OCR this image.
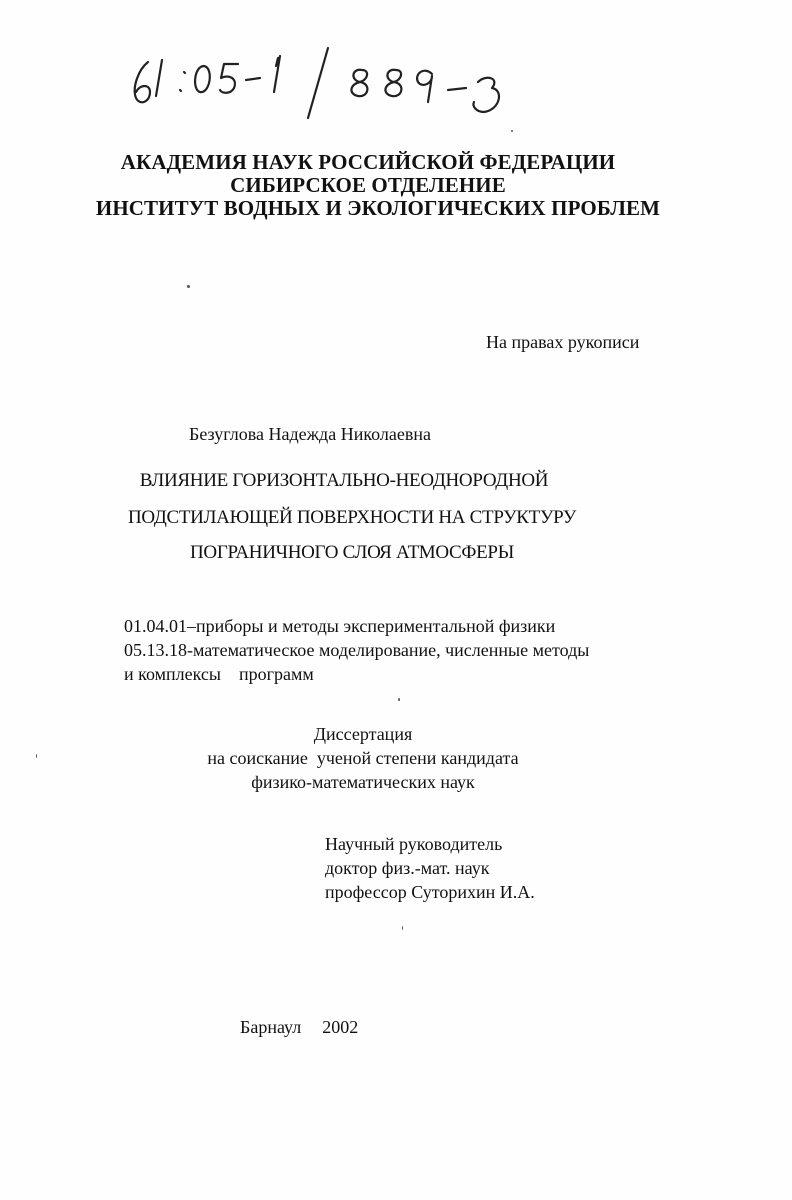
АКАДЕМИЯ НАУК РОССИЙСКОЙ ФЕДЕРАЦИИ
СИБИРСКОЕ ОТДЕЛЕНИЕ
ИНСТИТУТ ВОДНЫХ И ЭКОЛОГИЧЕСКИХ ПРОБЛЕМ
На правах рукописи
Безуглова Надежда Николаевна
ВЛИЯНИЕ ГОРИЗОНТАЛЬНО-НЕОДНОРОДНОЙ
ПОДСТИЛАЮЩЕЙ ПОВЕРХНОСТИ НА СТРУКТУРУ
ПОГРАНИЧНОГО СЛОЯ АТМОСФЕРЫ
01.04.01–приборы и методы экспериментальной физики
05.13.18-математическое моделирование, численные методы
и комплексы    программ
Диссертация
на соискание  ученой степени кандидата
физико-математических наук
Научный руководитель
доктор физ.-мат. наук
профессор Суторихин И.А.
Барнаул  2002
